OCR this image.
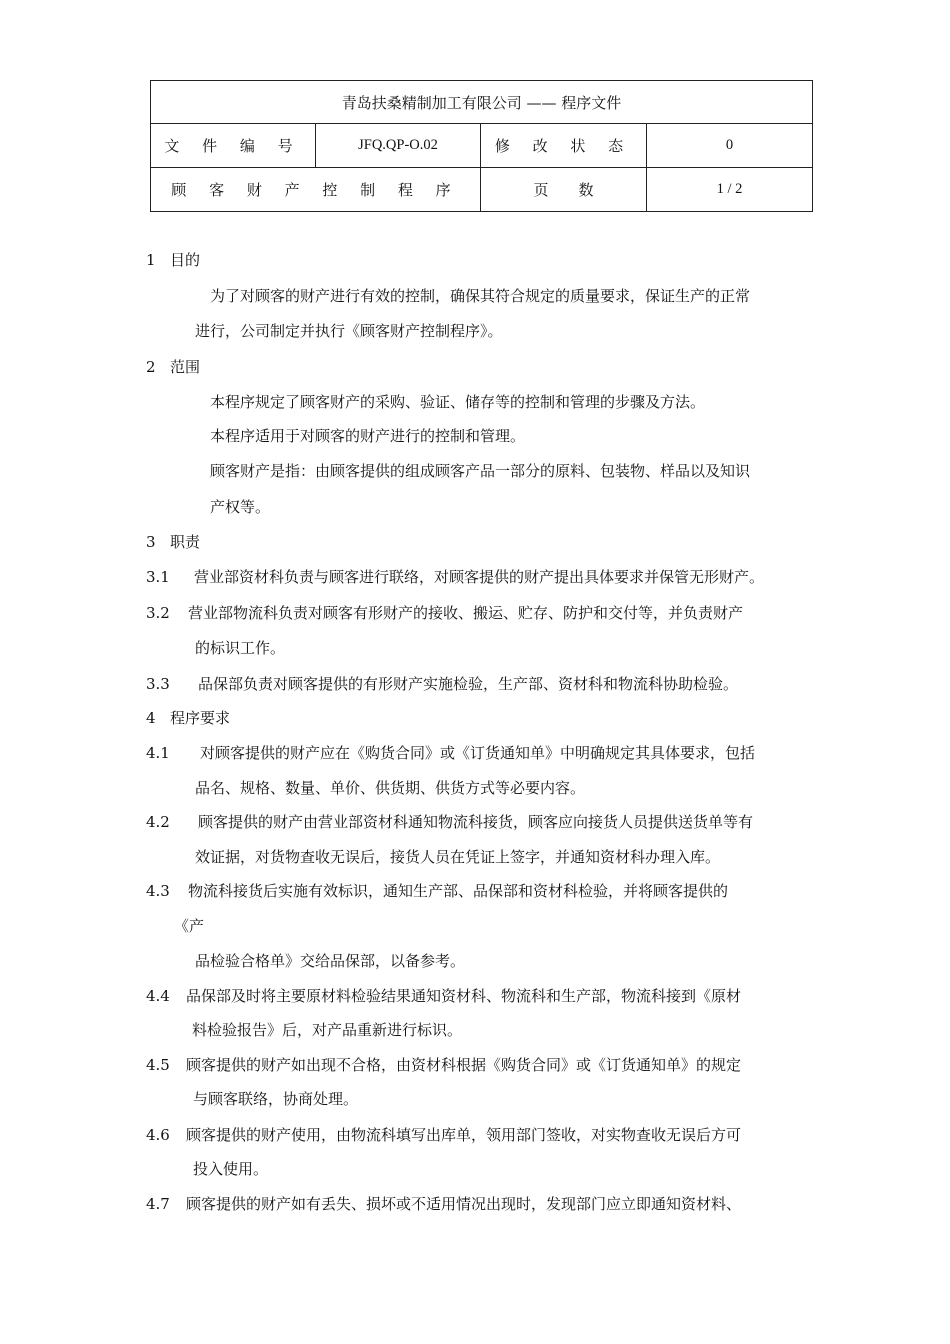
青岛扶桑精制加工有限公司 —— 程序文件			
文 件 编 号	JFQ.QP-O.02	修 改 状 态	0
顾 客 财 产 控 制 程 序		页　　数	1 / 2
1 目的
为了对顾客的财产进行有效的控制，确保其符合规定的质量要求，保证生产的正常
进行，公司制定并执行《顾客财产控制程序》。
2 范围
本程序规定了顾客财产的采购、验证、储存等的控制和管理的步骤及方法。
本程序适用于对顾客的财产进行的控制和管理。
顾客财产是指：由顾客提供的组成顾客产品一部分的原料、包装物、样品以及知识
产权等。
3 职责
3.1 营业部资材科负责与顾客进行联络，对顾客提供的财产提出具体要求并保管无形财产。
3.2 营业部物流科负责对顾客有形财产的接收、搬运、贮存、防护和交付等，并负责财产
的标识工作。
3.3 品保部负责对顾客提供的有形财产实施检验，生产部、资材科和物流科协助检验。
4 程序要求
4.1 对顾客提供的财产应在《购货合同》或《订货通知单》中明确规定其具体要求，包括
品名、规格、数量、单价、供货期、供货方式等必要内容。
4.2 顾客提供的财产由营业部资材科通知物流科接货，顾客应向接货人员提供送货单等有
效证据，对货物查收无误后，接货人员在凭证上签字，并通知资材科办理入库。
4.3 物流科接货后实施有效标识，通知生产部、品保部和资材科检验，并将顾客提供的
《产
品检验合格单》交给品保部，以备参考。
4.4 品保部及时将主要原材料检验结果通知资材科、物流科和生产部，物流科接到《原材
料检验报告》后，对产品重新进行标识。
4.5 顾客提供的财产如出现不合格，由资材科根据《购货合同》或《订货通知单》的规定
与顾客联络，协商处理。
4.6 顾客提供的财产使用，由物流科填写出库单，领用部门签收，对实物查收无误后方可
投入使用。
4.7 顾客提供的财产如有丢失、损坏或不适用情况出现时，发现部门应立即通知资材料、
